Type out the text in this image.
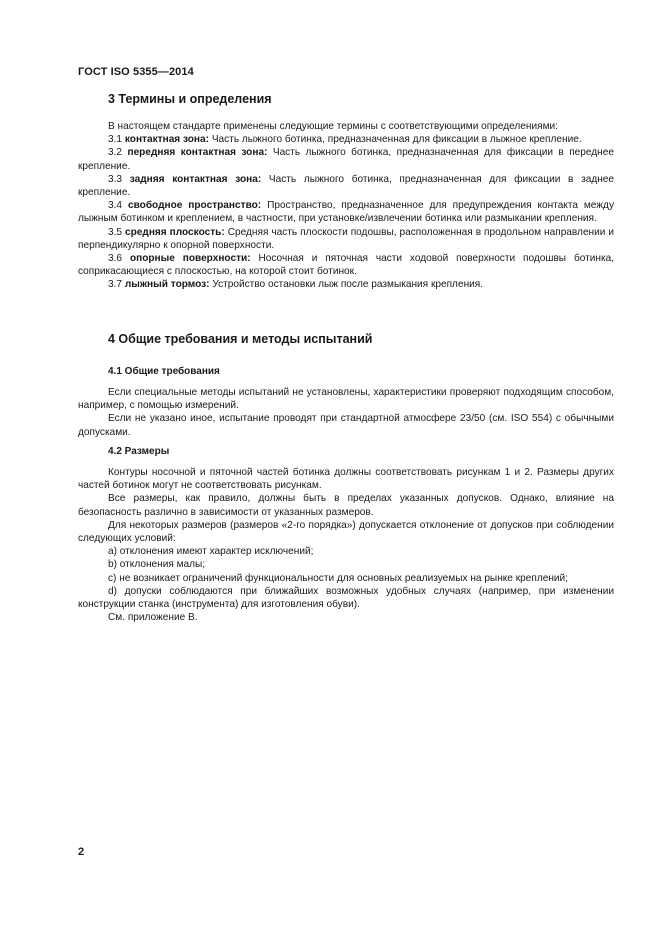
ГОСТ ISO 5355—2014
3 Термины и определения

В настоящем стандарте применены следующие термины с соответствующими определениями:

3.1 контактная зона: Часть лыжного ботинка, предназначенная для фиксации в лыжное крепление.

3.2 передняя контактная зона: Часть лыжного ботинка, предназначенная для фиксации в переднее крепление.

3.3 задняя контактная зона: Часть лыжного ботинка, предназначенная для фиксации в заднее крепление.

3.4 свободное пространство: Пространство, предназначенное для предупреждения контакта между лыжным ботинком и креплением, в частности, при установке/извлечении ботинка или размыкании крепления.

3.5 средняя плоскость: Средняя часть плоскости подошвы, расположенная в продольном направлении и перпендикулярно к опорной поверхности.

3.6 опорные поверхности: Носочная и пяточная части ходовой поверхности подошвы ботинка, соприкасающиеся с плоскостью, на которой стоит ботинок.

3.7 лыжный тормоз: Устройство остановки лыж после размыкания крепления.

4 Общие требования и методы испытаний
4.1 Общие требования

Если специальные методы испытаний не установлены, характеристики проверяют подходящим способом, например, с помощью измерений.

Если не указано иное, испытание проводят при стандартной атмосфере 23/50 (см. ISO 554) с обычными допусками.

4.2 Размеры

Контуры носочной и пяточной частей ботинка должны соответствовать рисункам 1 и 2. Размеры других частей ботинок могут не соответствовать рисункам.

Все размеры, как правило, должны быть в пределах указанных допусков. Однако, влияние на безопасность различно в зависимости от указанных размеров.

Для некоторых размеров (размеров «2-го порядка») допускается отклонение от допусков при соблюдении следующих условий:

a) отклонения имеют характер исключений;

b) отклонения малы;

c) не возникает ограничений функциональности для основных реализуемых на рынке креплений;

d) допуски соблюдаются при ближайших возможных удобных случаях (например, при изменении конструкции станка (инструмента) для изготовления обуви).

См. приложение В.

2
